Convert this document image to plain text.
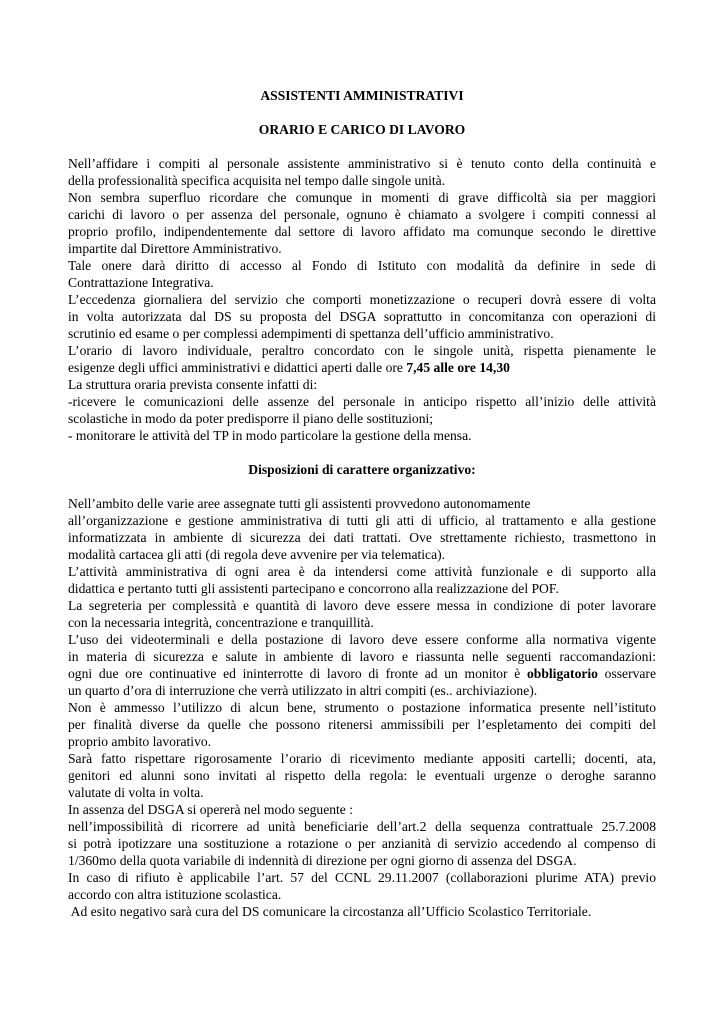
ASSISTENTI AMMINISTRATIVI
ORARIO E CARICO DI LAVORO
Nell’affidare i compiti al personale assistente amministrativo si è tenuto conto della continuità e
della professionalità specifica acquisita nel tempo dalle singole unità.
Non sembra superfluo ricordare che comunque in momenti di grave difficoltà sia per maggiori
carichi di lavoro o per assenza del personale, ognuno è chiamato a svolgere i compiti connessi al
proprio profilo, indipendentemente dal settore di lavoro affidato ma comunque secondo le direttive
impartite dal Direttore Amministrativo.
Tale onere darà diritto di accesso al Fondo di Istituto con modalità da definire in sede di
Contrattazione Integrativa.
L’eccedenza giornaliera del servizio che comporti monetizzazione o recuperi dovrà essere di volta
in volta autorizzata dal DS su proposta del DSGA soprattutto in concomitanza con operazioni di
scrutinio ed esame o per complessi adempimenti di spettanza dell’ufficio amministrativo.
L’orario di lavoro individuale, peraltro concordato con le singole unità, rispetta pienamente le
esigenze degli uffici amministrativi e didattici aperti dalle ore 7,45 alle ore 14,30
La struttura oraria prevista consente infatti di:
-ricevere le comunicazioni delle assenze del personale in anticipo rispetto all’inizio delle attività
scolastiche in modo da poter predisporre il piano delle sostituzioni;
- monitorare le attività del TP in modo particolare la gestione della mensa.
Disposizioni di carattere organizzativo:
Nell’ambito delle varie aree assegnate tutti gli assistenti provvedono autonomamente
all’organizzazione e gestione amministrativa di tutti gli atti di ufficio, al trattamento e alla gestione
informatizzata in ambiente di sicurezza dei dati trattati. Ove strettamente richiesto, trasmettono in
modalità cartacea gli atti (di regola deve avvenire per via telematica).
L’attività amministrativa di ogni area è da intendersi come attività funzionale e di supporto alla
didattica e pertanto tutti gli assistenti partecipano e concorrono alla realizzazione del POF.
La segreteria per complessità e quantità di lavoro deve essere messa in condizione di poter lavorare
con la necessaria integrità, concentrazione e tranquillità.
L’uso dei videoterminali e della postazione di lavoro deve essere conforme alla normativa vigente
in materia di sicurezza e salute in ambiente di lavoro e riassunta nelle seguenti raccomandazioni:
ogni due ore continuative ed ininterrotte di lavoro di fronte ad un monitor è obbligatorio osservare
un quarto d’ora di interruzione che verrà utilizzato in altri compiti (es.. archiviazione).
Non è ammesso l’utilizzo di alcun bene, strumento o postazione informatica presente nell’istituto
per finalità diverse da quelle che possono ritenersi ammissibili per l’espletamento dei compiti del
proprio ambito lavorativo.
Sarà fatto rispettare rigorosamente l’orario di ricevimento mediante appositi cartelli; docenti, ata,
genitori ed alunni sono invitati al rispetto della regola: le eventuali urgenze o deroghe saranno
valutate di volta in volta.
In assenza del DSGA si opererà nel modo seguente :
nell’impossibilità di ricorrere ad unità beneficiarie dell’art.2 della sequenza contrattuale 25.7.2008
si potrà ipotizzare una sostituzione a rotazione o per anzianità di servizio accedendo al compenso di
1/360mo della quota variabile di indennità di direzione per ogni giorno di assenza del DSGA.
In caso di rifiuto è applicabile l’art. 57 del CCNL 29.11.2007 (collaborazioni plurime ATA) previo
accordo con altra istituzione scolastica.
Ad esito negativo sarà cura del DS comunicare la circostanza all’Ufficio Scolastico Territoriale.
